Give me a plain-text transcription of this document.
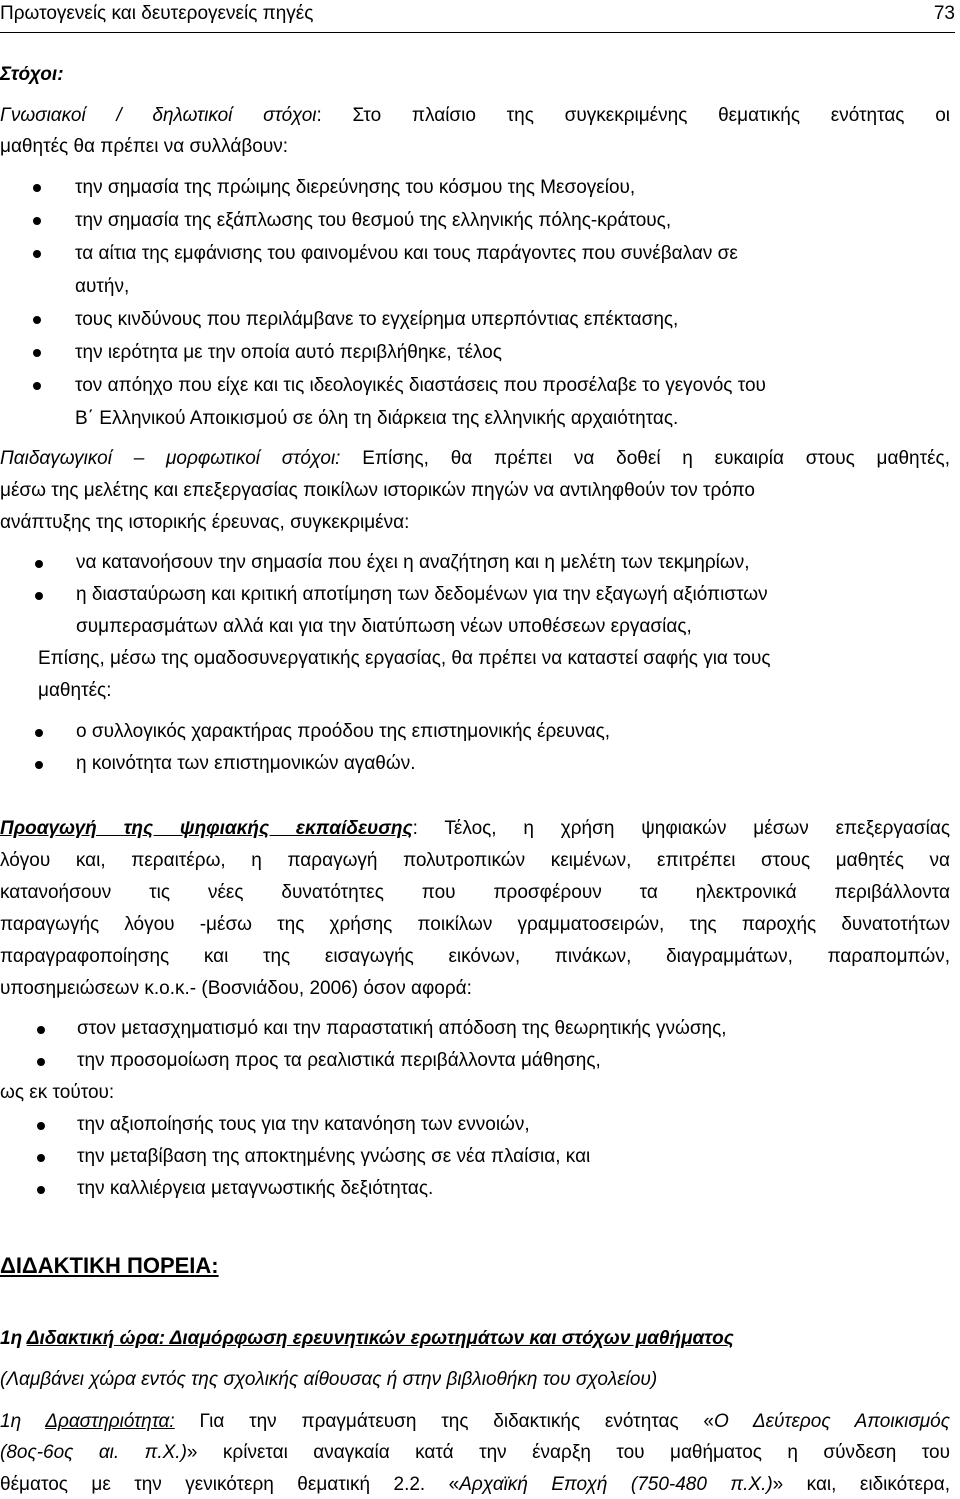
Πρωτογενείς και δευτερογενείς πηγές	73
Στόχοι:
Γνωσιακοί / δηλωτικοί στόχοι: Στο πλαίσιο της συγκεκριμένης θεματικής ενότητας οι
μαθητές θα πρέπει να συλλάβουν:
την σημασία της πρώιμης διερεύνησης του κόσμου της Μεσογείου,
την σημασία της εξάπλωσης του θεσμού της ελληνικής πόλης-κράτους,
τα αίτια της εμφάνισης του φαινομένου και τους παράγοντες που συνέβαλαν σε
αυτήν,
τους κινδύνους που περιλάμβανε το εγχείρημα υπερπόντιας επέκτασης,
την ιερότητα με την οποία αυτό περιβλήθηκε, τέλος
τον απόηχο που είχε και τις ιδεολογικές διαστάσεις που προσέλαβε το γεγονός του
Β΄ Ελληνικού Αποικισμού σε όλη τη διάρκεια της ελληνικής αρχαιότητας.
Παιδαγωγικοί – μορφωτικοί στόχοι: Επίσης, θα πρέπει να δοθεί η ευκαιρία στους μαθητές,
μέσω της μελέτης και επεξεργασίας ποικίλων ιστορικών πηγών να αντιληφθούν τον τρόπο
ανάπτυξης της ιστορικής έρευνας, συγκεκριμένα:
να κατανοήσουν την σημασία που έχει η αναζήτηση και η μελέτη των τεκμηρίων,
η διασταύρωση και κριτική αποτίμηση των δεδομένων για την εξαγωγή αξιόπιστων
συμπερασμάτων αλλά και για την διατύπωση νέων υποθέσεων εργασίας,
Επίσης, μέσω της ομαδοσυνεργατικής εργασίας, θα πρέπει να καταστεί σαφής για τους
μαθητές:
ο συλλογικός χαρακτήρας προόδου της επιστημονικής έρευνας,
η κοινότητα των επιστημονικών αγαθών.
Προαγωγή της ψηφιακής εκπαίδευσης: Τέλος, η χρήση ψηφιακών μέσων επεξεργασίας
λόγου και, περαιτέρω, η παραγωγή πολυτροπικών κειμένων, επιτρέπει στους μαθητές να
κατανοήσουν τις νέες δυνατότητες που προσφέρουν τα ηλεκτρονικά περιβάλλοντα
παραγωγής λόγου -μέσω της χρήσης ποικίλων γραμματοσειρών, της παροχής δυνατοτήτων
παραγραφοποίησης και της εισαγωγής εικόνων, πινάκων, διαγραμμάτων, παραπομπών,
υποσημειώσεων κ.ο.κ.- (Βοσνιάδου, 2006) όσον αφορά:
στον μετασχηματισμό και την παραστατική απόδοση της θεωρητικής γνώσης,
την προσομοίωση προς τα ρεαλιστικά περιβάλλοντα μάθησης,
ως εκ τούτου:
την αξιοποίησής τους για την κατανόηση των εννοιών,
την μεταβίβαση της αποκτημένης γνώσης σε νέα πλαίσια, και
την καλλιέργεια μεταγνωστικής δεξιότητας.
ΔΙΔΑΚΤΙΚΗ ΠΟΡΕΙΑ:
1η Διδακτική ώρα: Διαμόρφωση ερευνητικών ερωτημάτων και στόχων μαθήματος
(Λαμβάνει χώρα εντός της σχολικής αίθουσας ή στην βιβλιοθήκη του σχολείου)
1η Δραστηριότητα: Για την πραγμάτευση της διδακτικής ενότητας «Ο Δεύτερος Αποικισμός
(8ος-6ος αι. π.Χ.)» κρίνεται αναγκαία κατά την έναρξη του μαθήματος η σύνδεση του
θέματος με την γενικότερη θεματική 2.2. «Αρχαϊκή Εποχή (750-480 π.Χ.)» και, ειδικότερα,
